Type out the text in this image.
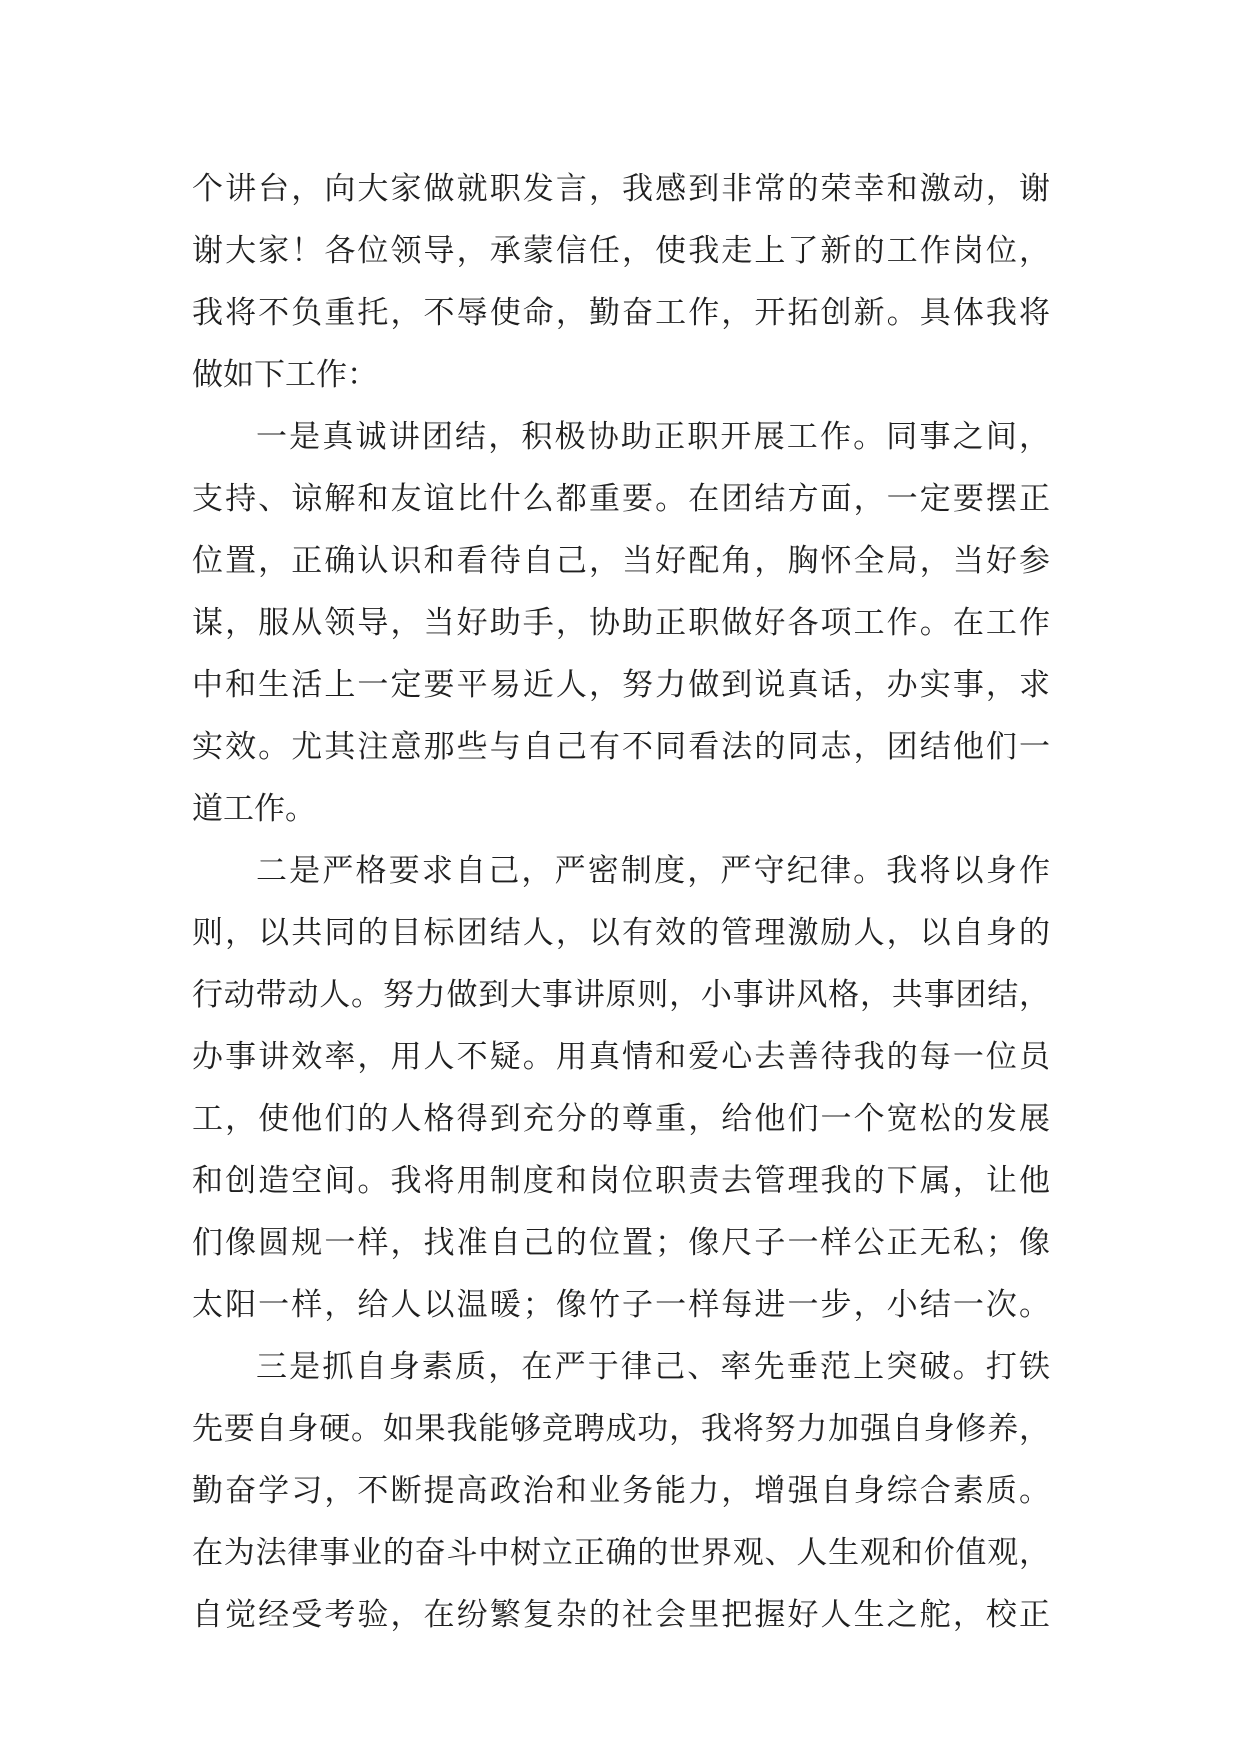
个讲台，向大家做就职发言，我感到非常的荣幸和激动，谢
谢大家！各位领导，承蒙信任，使我走上了新的工作岗位，
我将不负重托，不辱使命，勤奋工作，开拓创新。具体我将
做如下工作：
一是真诚讲团结，积极协助正职开展工作。同事之间，
支持、谅解和友谊比什么都重要。在团结方面，一定要摆正
位置，正确认识和看待自己，当好配角，胸怀全局，当好参
谋，服从领导，当好助手，协助正职做好各项工作。在工作
中和生活上一定要平易近人，努力做到说真话，办实事，求
实效。尤其注意那些与自己有不同看法的同志，团结他们一
道工作。
二是严格要求自己，严密制度，严守纪律。我将以身作
则，以共同的目标团结人，以有效的管理激励人，以自身的
行动带动人。努力做到大事讲原则，小事讲风格，共事团结，
办事讲效率，用人不疑。用真情和爱心去善待我的每一位员
工，使他们的人格得到充分的尊重，给他们一个宽松的发展
和创造空间。我将用制度和岗位职责去管理我的下属，让他
们像圆规一样，找准自己的位置；像尺子一样公正无私；像
太阳一样，给人以温暖；像竹子一样每进一步，小结一次。
三是抓自身素质，在严于律己、率先垂范上突破。打铁
先要自身硬。如果我能够竞聘成功，我将努力加强自身修养，
勤奋学习，不断提高政治和业务能力，增强自身综合素质。
在为法律事业的奋斗中树立正确的世界观、人生观和价值观，
自觉经受考验，在纷繁复杂的社会里把握好人生之舵，校正
